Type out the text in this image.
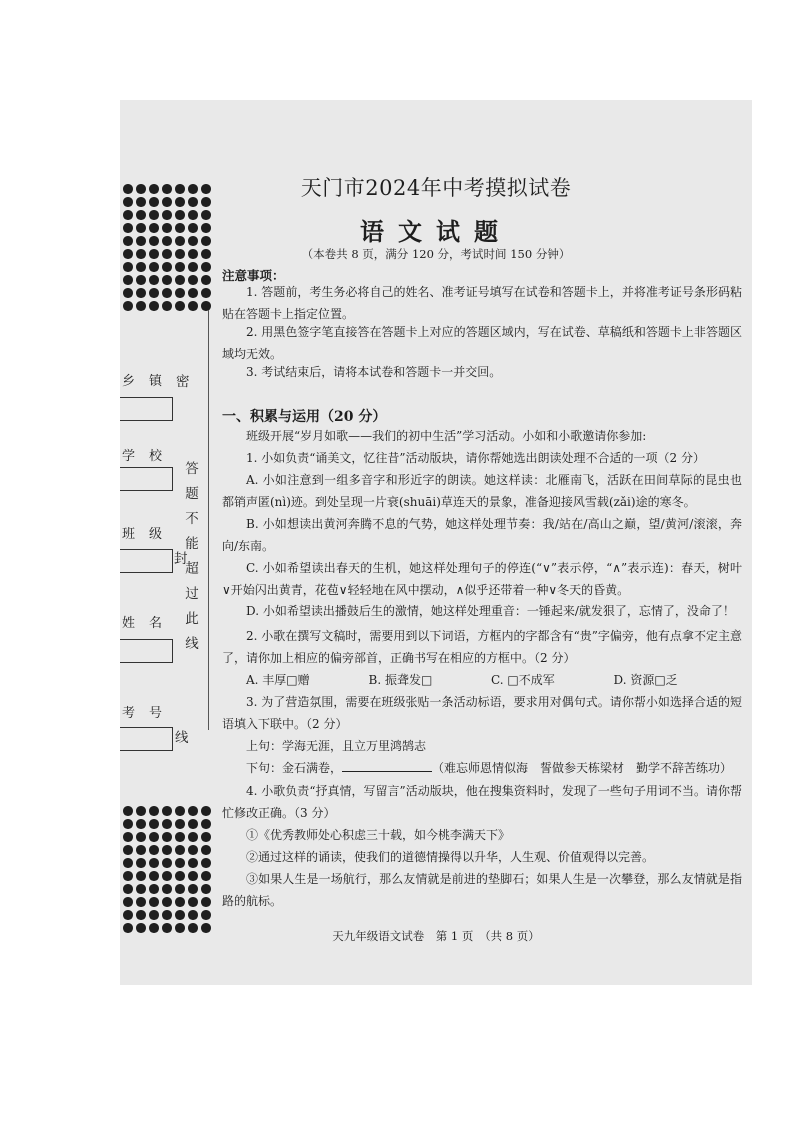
乡镇
学校
班级
姓名
考号
密
封
线
答
题
不
能
超
过
此
线
天门市2024年中考摸拟试卷
语文试题
（本卷共 8 页，满分 120 分，考试时间 150 分钟）
注意事项：
1. 答题前，考生务必将自己的姓名、准考证号填写在试卷和答题卡上，并将准考证号条形码粘贴在答题卡上指定位置。
2. 用黑色签字笔直接答在答题卡上对应的答题区域内，写在试卷、草稿纸和答题卡上非答题区域均无效。
3. 考试结束后，请将本试卷和答题卡一并交回。
一、积累与运用（20 分）
班级开展“岁月如歌——我们的初中生活”学习活动。小如和小歌邀请你参加:
1. 小如负责“诵美文，忆往昔”活动版块，请你帮她选出朗读处理不合适的一项（2 分）
A. 小如注意到一组多音字和形近字的朗读。她这样读：北雁南飞，活跃在田间草际的昆虫也都销声匿(nì)迹。到处呈现一片衰(shuāi)草连天的景象，准备迎接风雪载(zǎi)途的寒冬。
B. 小如想读出黄河奔腾不息的气势，她这样处理节奏：我/站在/高山之巅，望/黄河/滚滚，奔向/东南。
C. 小如希望读出春天的生机，她这样处理句子的停连(“∨”表示停，“∧”表示连)：春天，树叶∨开始闪出黄青，花苞∨轻轻地在风中摆动，∧似乎还带着一种∨冬天的昏黄。
D. 小如希望读出播鼓后生的激情，她这样处理重音：一锤起来/就发狠了，忘情了，没命了！
2. 小歌在撰写文稿时，需要用到以下词语，方框内的字都含有“贵”字偏旁，他有点拿不定主意了，请你加上相应的偏旁部首，正确书写在相应的方框中。（2 分）
A. 丰厚□赠	B. 振聋发□	C. □不成军	D. 资源□乏
3. 为了营造氛围，需要在班级张贴一条活动标语，要求用对偶句式。请你帮小如选择合适的短语填入下联中。（2 分）
上句：学海无涯，且立万里鸿鹄志
下句：金石满卷，	（难忘师恩情似海　誓做参天栋梁材　勤学不辞苦练功）
4. 小歌负责“抒真情，写留言”活动版块，他在搜集资料时，发现了一些句子用词不当。请你帮忙修改正确。（3 分）
①《优秀教师处心积虑三十载，如今桃李满天下》
②通过这样的诵读，使我们的道德情操得以升华，人生观、价值观得以完善。
③如果人生是一场航行，那么友情就是前进的垫脚石；如果人生是一次攀登，那么友情就是指路的航标。
天九年级语文试卷　第 1 页　（共 8 页）
